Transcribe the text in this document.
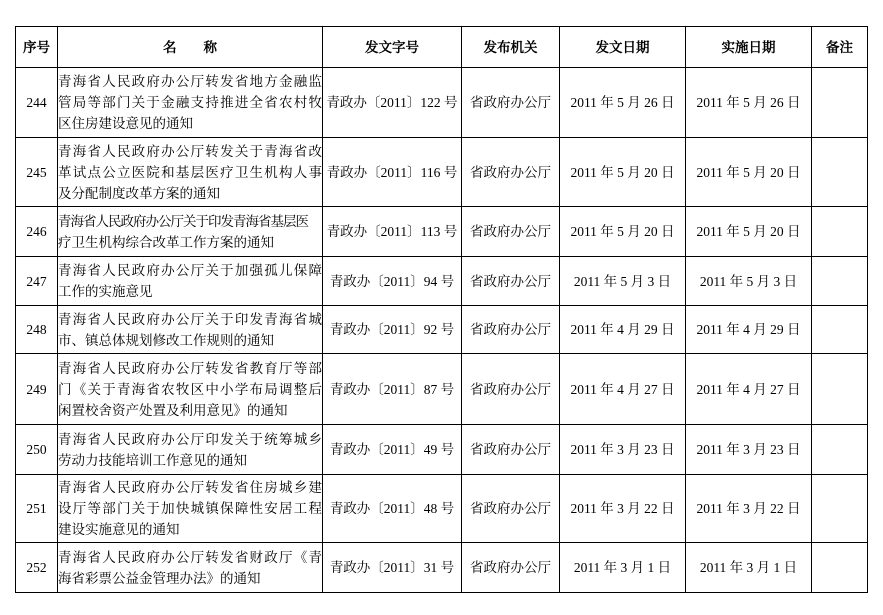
序号	名　　称	发文字号	发布机关	发文日期	实施日期	备注
244	青海省人民政府办公厅转发省地方金融监
管局等部门关于金融支持推进全省农村牧
区住房建设意见的通知	青政办〔2011〕122 号	省政府办公厅	2011 年 5 月 26 日	2011 年 5 月 26 日	
245	青海省人民政府办公厅转发关于青海省改
革试点公立医院和基层医疗卫生机构人事
及分配制度改革方案的通知	青政办〔2011〕116 号	省政府办公厅	2011 年 5 月 20 日	2011 年 5 月 20 日	
246	青海省人民政府办公厅关于印发青海省基层医
疗卫生机构综合改革工作方案的通知	青政办〔2011〕113 号	省政府办公厅	2011 年 5 月 20 日	2011 年 5 月 20 日	
247	青海省人民政府办公厅关于加强孤儿保障
工作的实施意见	青政办〔2011〕94 号	省政府办公厅	2011 年 5 月 3 日	2011 年 5 月 3 日	
248	青海省人民政府办公厅关于印发青海省城
市、镇总体规划修改工作规则的通知	青政办〔2011〕92 号	省政府办公厅	2011 年 4 月 29 日	2011 年 4 月 29 日	
249	青海省人民政府办公厅转发省教育厅等部
门《关于青海省农牧区中小学布局调整后
闲置校舍资产处置及利用意见》的通知	青政办〔2011〕87 号	省政府办公厅	2011 年 4 月 27 日	2011 年 4 月 27 日	
250	青海省人民政府办公厅印发关于统筹城乡
劳动力技能培训工作意见的通知	青政办〔2011〕49 号	省政府办公厅	2011 年 3 月 23 日	2011 年 3 月 23 日	
251	青海省人民政府办公厅转发省住房城乡建
设厅等部门关于加快城镇保障性安居工程
建设实施意见的通知	青政办〔2011〕48 号	省政府办公厅	2011 年 3 月 22 日	2011 年 3 月 22 日	
252	青海省人民政府办公厅转发省财政厅《青
海省彩票公益金管理办法》的通知	青政办〔2011〕31 号	省政府办公厅	2011 年 3 月 1 日	2011 年 3 月 1 日	
